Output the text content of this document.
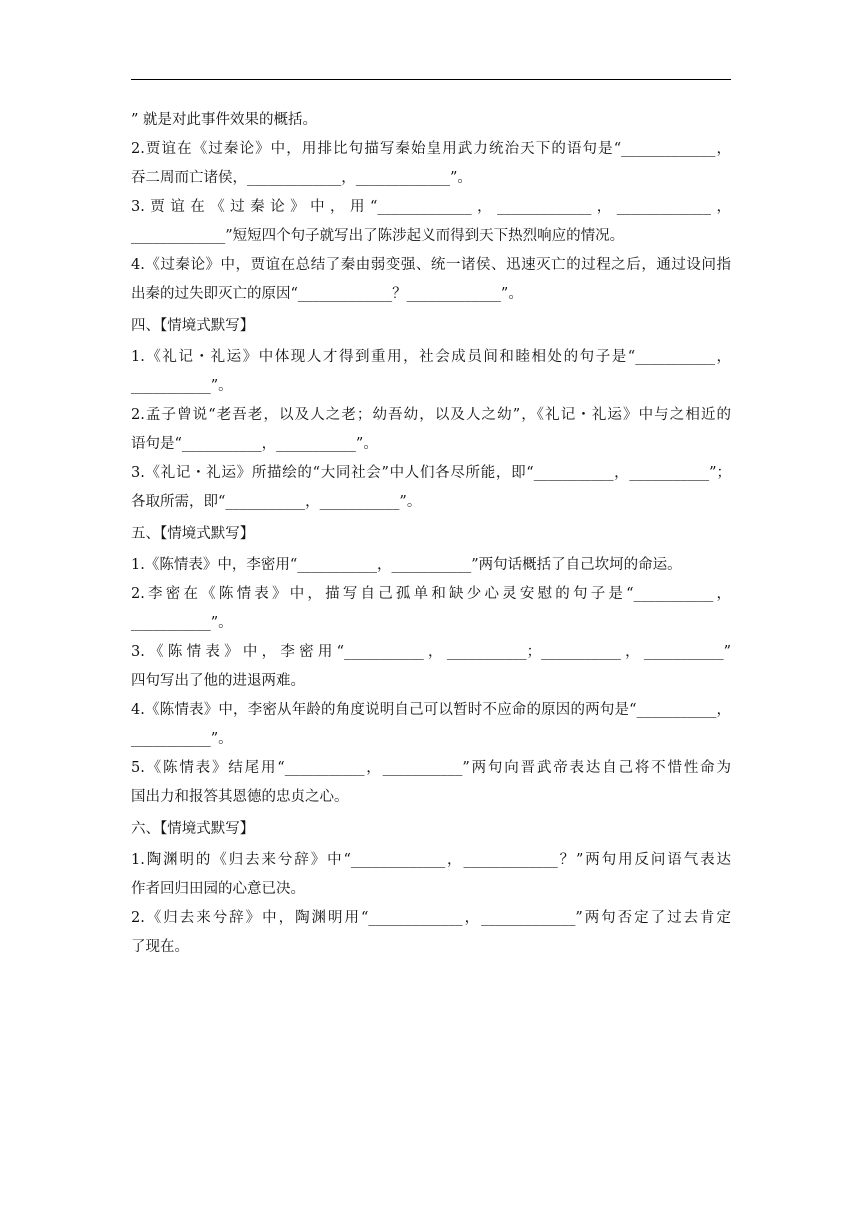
” 就是对此事件效果的概括。
2.贾谊在《过秦论》中，用排比句描写秦始皇用武力统治天下的语句是“_____________，
吞二周而亡诸侯，_____________，_____________”。
3.贾谊在《过秦论》中，用“_____________，_____________，_____________，
_____________”短短四个句子就写出了陈涉起义而得到天下热烈响应的情况。
4.《过秦论》中，贾谊在总结了秦由弱变强、统一诸侯、迅速灭亡的过程之后，通过设问指
出秦的过失即灭亡的原因“_____________？_____________”。
四、【情境式默写】
1.《礼记・礼运》中体现人才得到重用，社会成员间和睦相处的句子是“___________，
___________”。
2.孟子曾说“老吾老，以及人之老；幼吾幼，以及人之幼”，《礼记・礼运》中与之相近的
语句是“___________，___________”。
3.《礼记・礼运》所描绘的“大同社会”中人们各尽所能，即“___________，___________”；
各取所需，即“___________，___________”。
五、【情境式默写】
1.《陈情表》中，李密用“___________，___________”两句话概括了自己坎坷的命运。
2.李密在《陈情表》中，描写自己孤单和缺少心灵安慰的句子是“___________，
___________”。
3.《陈情表》中，李密用“___________，___________；___________，___________”
四句写出了他的进退两难。
4.《陈情表》中，李密从年龄的角度说明自己可以暂时不应命的原因的两句是“___________，
___________”。
5.《陈情表》结尾用“___________，___________”两句向晋武帝表达自己将不惜性命为
国出力和报答其恩德的忠贞之心。
六、【情境式默写】
1.陶渊明的《归去来兮辞》中“_____________，_____________？”两句用反问语气表达
作者回归田园的心意已决。
2.《归去来兮辞》中，陶渊明用“_____________，_____________”两句否定了过去肯定
了现在。
